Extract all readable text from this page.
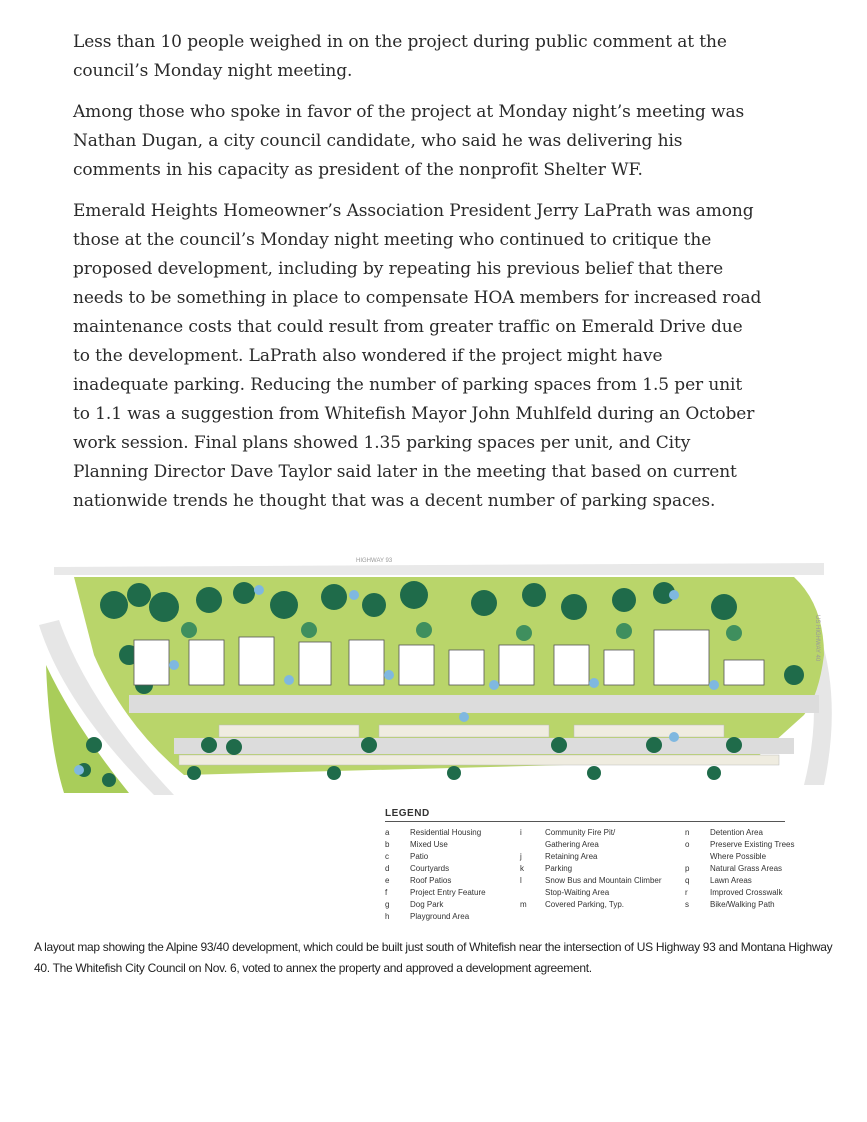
Less than 10 people weighed in on the project during public comment at the council’s Monday night meeting.

Among those who spoke in favor of the project at Monday night’s meeting was Nathan Dugan, a city council candidate, who said he was delivering his comments in his capacity as president of the nonprofit Shelter WF.

Emerald Heights Homeowner’s Association President Jerry LaPrath was among those at the council’s Monday night meeting who continued to critique the proposed development, including by repeating his previous belief that there needs to be something in place to compensate HOA members for increased road maintenance costs that could result from greater traffic on Emerald Drive due to the development. LaPrath also wondered if the project might have inadequate parking. Reducing the number of parking spaces from 1.5 per unit to 1.1 was a suggestion from Whitefish Mayor John Muhlfeld during an October work session. Final plans showed 1.35 parking spaces per unit, and City Planning Director Dave Taylor said later in the meeting that based on current nationwide trends he thought that was a decent number of parking spaces.

HIGHWAY 93
US HIGHWAY 40
LEGEND
a	Residential Housing
b	Mixed Use
c	Patio
d	Courtyards
e	Roof Patios
f	Project Entry Feature
g	Dog Park
h	Playground Area
i	Community Fire Pit/
Gathering Area
j	Retaining Area
k	Parking
l	Snow Bus and Mountain Climber
Stop-Waiting Area
m	Covered Parking, Typ.
n	Detention Area
o	Preserve Existing Trees
Where Possible
p	Natural Grass Areas
q	Lawn Areas
r	Improved Crosswalk
s	Bike/Walking Path
A layout map showing the Alpine 93/40 development, which could be built just south of Whitefish near the intersection of US Highway 93 and Montana Highway 40. The Whitefish City Council on Nov. 6, voted to annex the property and approved a development agreement.
